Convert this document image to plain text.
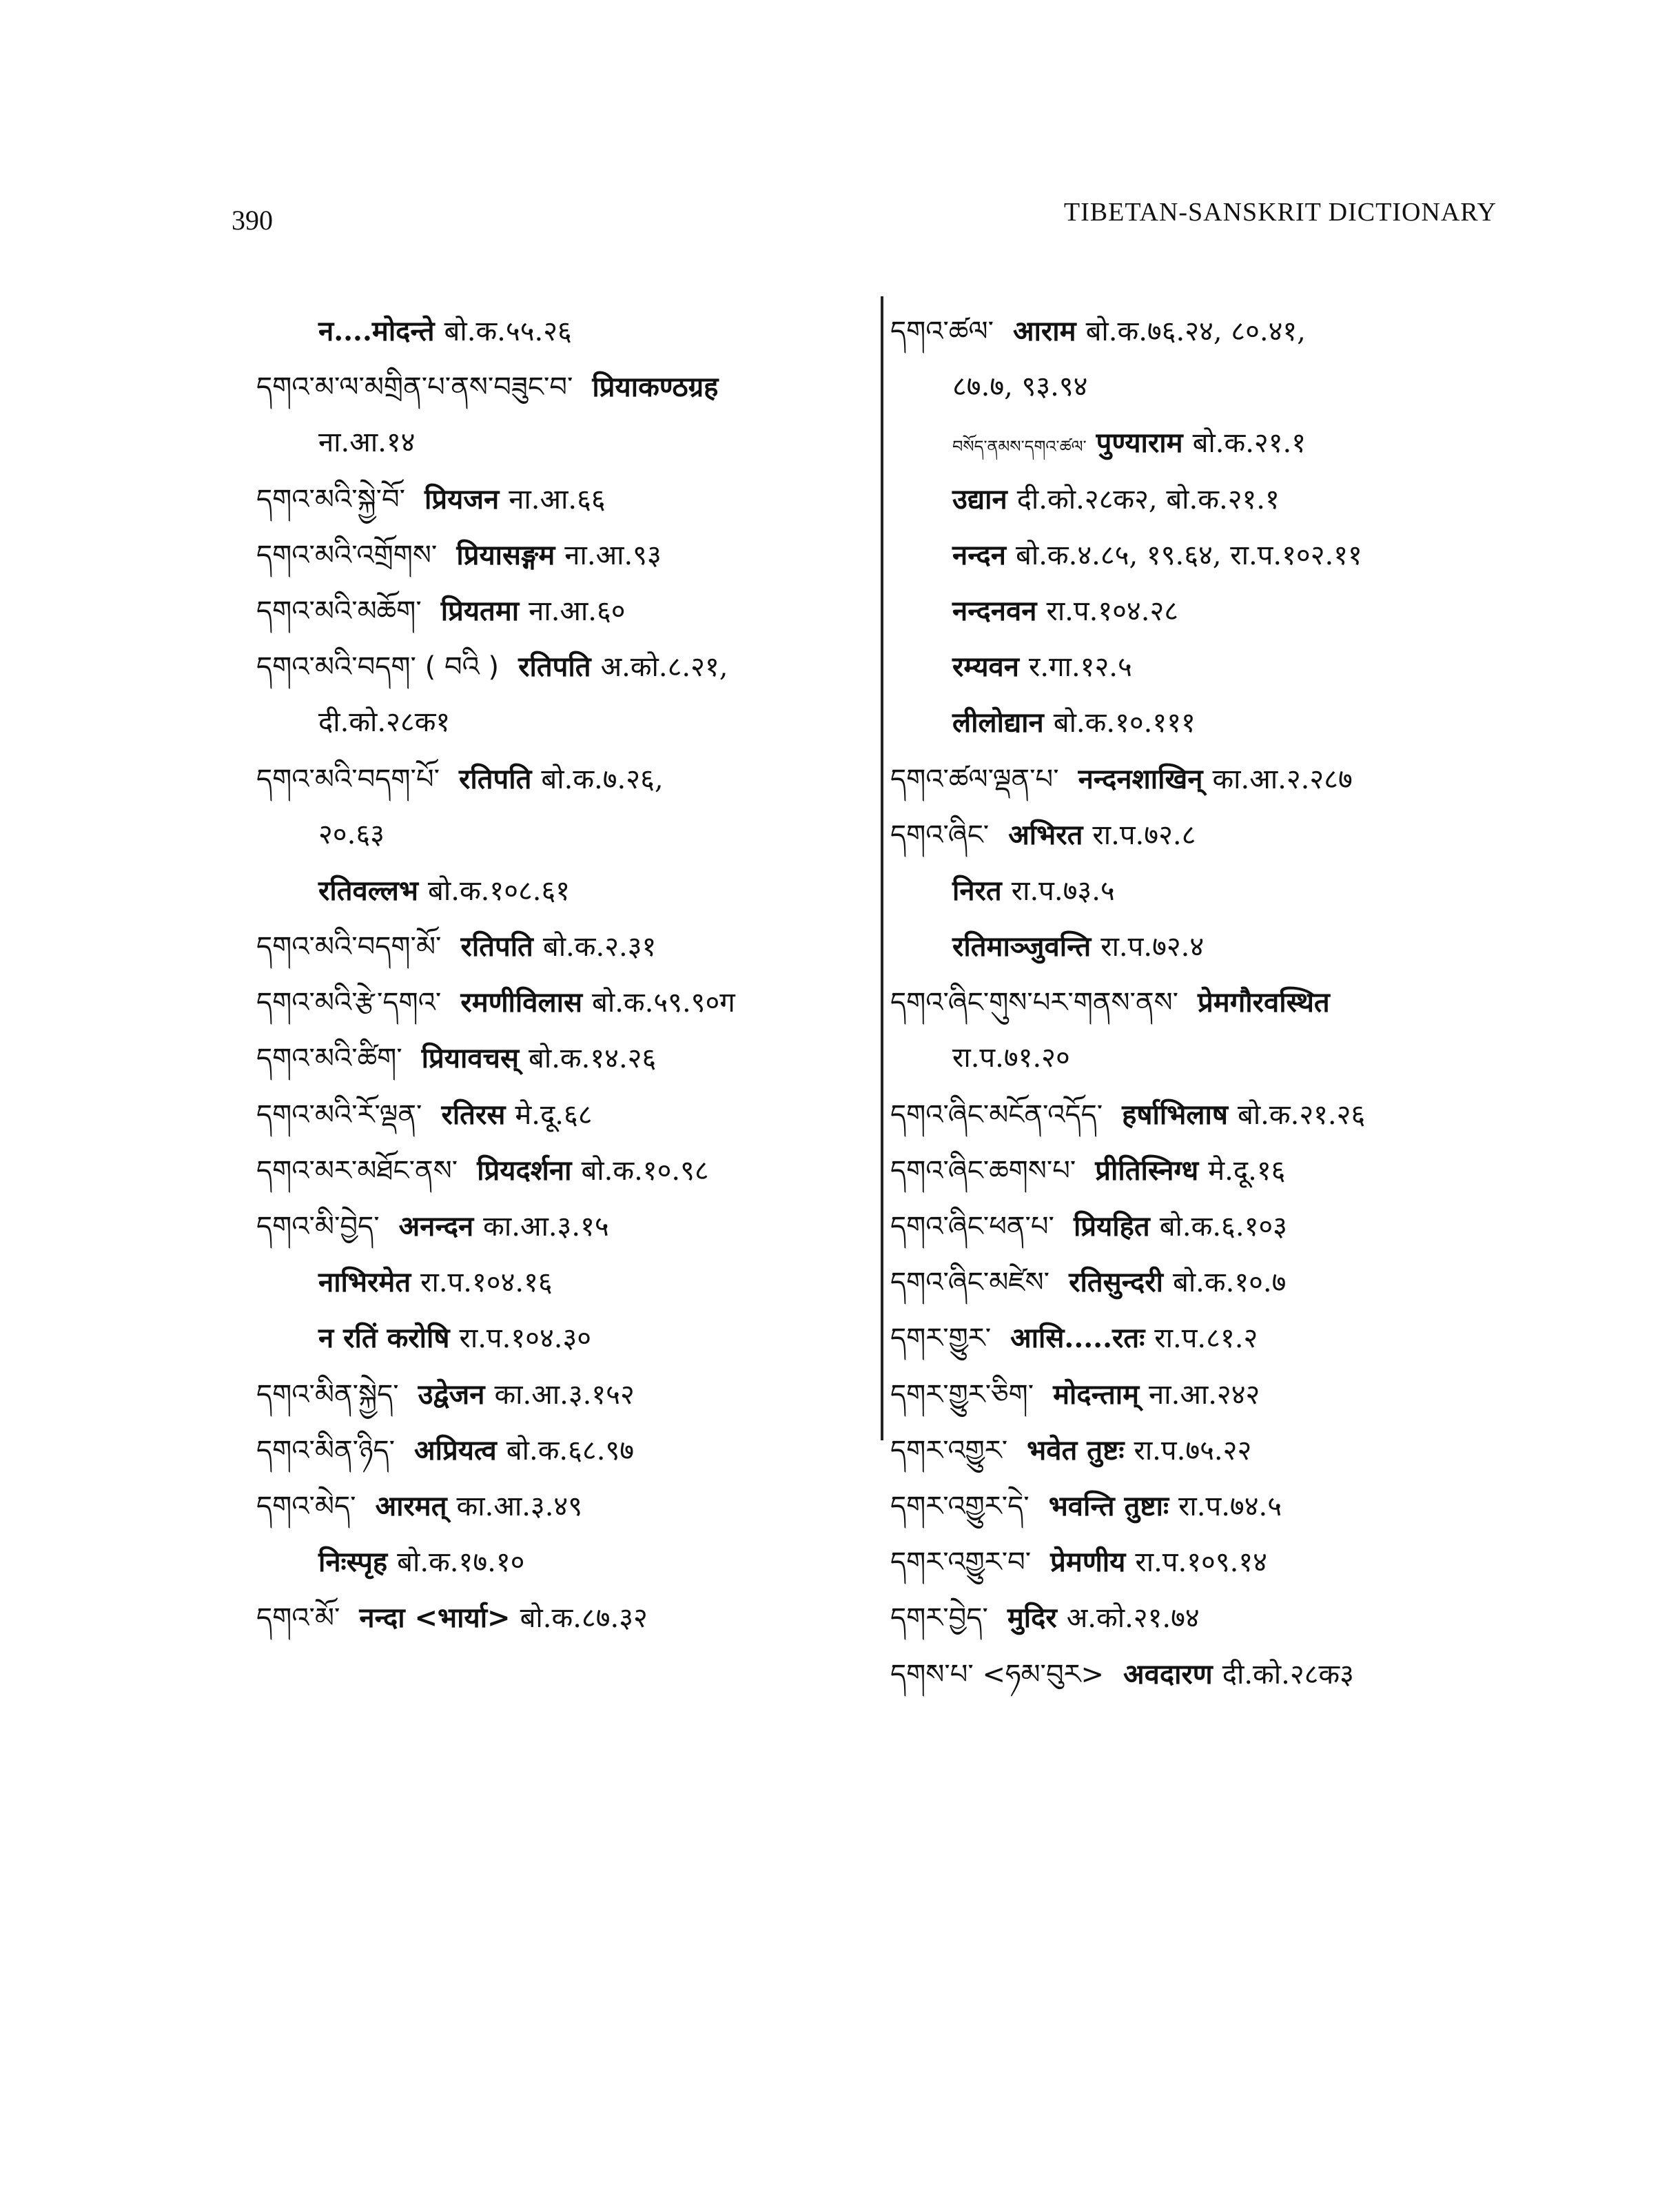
390	TIBETAN-SANSKRIT DICTIONARY
न....मोदन्ते बो.क.५५.२६
དགའ་མ་ལ་མགྲིན་པ་ནས་བཟུང་བ་ प्रियाकण्ठग्रह
ना.आ.१४
དགའ་མའི་སྐྱེ་བོ་ प्रियजन ना.आ.६६
དགའ་མའི་འགྲོགས་ प्रियासङ्गम ना.आ.९३
དགའ་མའི་མཆོག་ प्रियतमा ना.आ.६०
དགའ་མའི་བདག་ ( བའི ) रतिपति अ.को.८.२१,
दी.को.२८क१
དགའ་མའི་བདག་པོ་ रतिपति बो.क.७.२६,
२०.६३
रतिवल्लभ बो.क.१०८.६१
དགའ་མའི་བདག་མོ་ रतिपति बो.क.२.३१
དགའ་མའི་རྩེ་དགའ་ रमणीविलास बो.क.५९.९०ग
དགའ་མའི་ཚིག་ प्रियावचस् बो.क.१४.२६
དགའ་མའི་རོ་ལྡན་ रतिरस मे.दू.६८
དགའ་མར་མཐོང་ནས་ प्रियदर्शना बो.क.१०.९८
དགའ་མི་བྱེད་ अनन्दन का.आ.३.१५
नाभिरमेत रा.प.१०४.१६
न रतिं करोषि रा.प.१०४.३०
དགའ་མིན་སྐྱེད་ उद्वेजन का.आ.३.१५२
དགའ་མིན་ཉིད་ अप्रियत्व बो.क.६८.९७
དགའ་མེད་ आरमत् का.आ.३.४९
निःस्पृह बो.क.१७.१०
དགའ་མོ་ नन्दा <भार्या> बो.क.८७.३२
དགའ་ཚལ་ आराम बो.क.७६.२४, ८०.४१,
८७.७, ९३.९४
བསོད་ནམས་དགའ་ཚལ་ पुण्याराम बो.क.२१.१
उद्यान दी.को.२८क२, बो.क.२१.१
नन्दन बो.क.४.८५, १९.६४, रा.प.१०२.११
नन्दनवन रा.प.१०४.२८
रम्यवन र.गा.१२.५
लीलोद्यान बो.क.१०.१११
དགའ་ཚལ་ལྡན་པ་ नन्दनशाखिन् का.आ.२.२८७
དགའ་ཞིང་ अभिरत रा.प.७२.८
निरत रा.प.७३.५
रतिमाञ्जुवन्ति रा.प.७२.४
དགའ་ཞིང་གུས་པར་གནས་ནས་ प्रेमगौरवस्थित
रा.प.७१.२०
དགའ་ཞིང་མངོན་འདོད་ हर्षाभिलाष बो.क.२१.२६
དགའ་ཞིང་ཆགས་པ་ प्रीतिस्निग्ध मे.दू.१६
དགའ་ཞིང་ཕན་པ་ प्रियहित बो.क.६.१०३
དགའ་ཞིང་མཛེས་ रतिसुन्दरी बो.क.१०.७
དགར་གྱུར་ आसि.....रतः रा.प.८१.२
དགར་གྱུར་ཅིག་ मोदन्ताम् ना.आ.२४२
དགར་འགྱུར་ भवेत तुष्टः रा.प.७५.२२
དགར་འགྱུར་དེ་ भवन्ति तुष्टाः रा.प.७४.५
དགར་འགྱུར་བ་ प्रेमणीय रा.प.१०९.१४
དགར་བྱེད་ मुदिर अ.को.२१.७४
དགས་པ་ <ཧམ་བུར> अवदारण दी.को.२८क३
